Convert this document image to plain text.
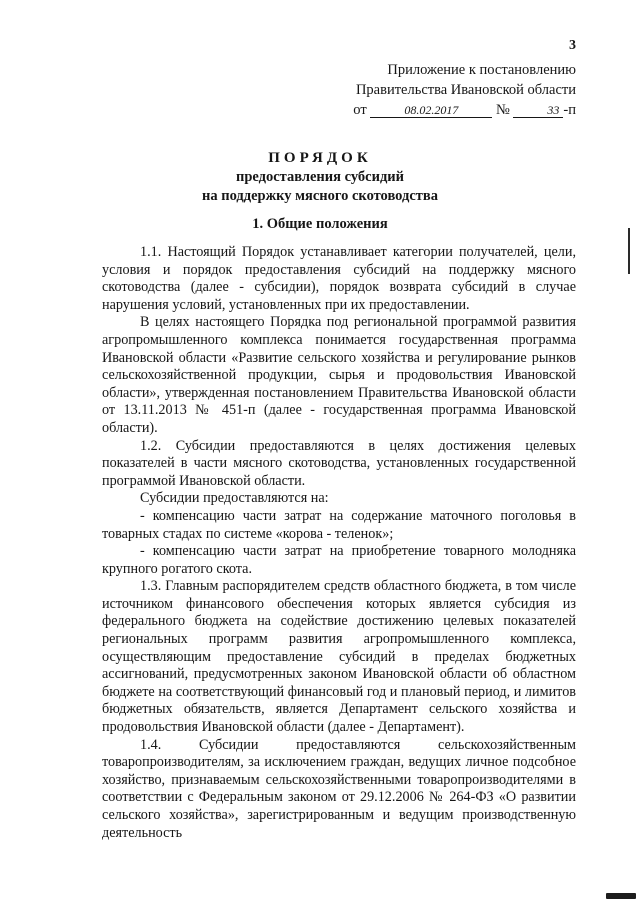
3
Приложение к постановлению
Правительства Ивановской области
от	08.02.2017	№	33 -п
ПОРЯДОК
предоставления субсидий
на поддержку мясного скотоводства
1. Общие положения

1.1. Настоящий Порядок устанавливает категории получателей, цели, условия и порядок предоставления субсидий на поддержку мясного скотоводства (далее - субсидии), порядок возврата субсидий в случае нарушения условий, установленных при их предоставлении.

В целях настоящего Порядка под региональной программой развития агропромышленного комплекса понимается государственная программа Ивановской области «Развитие сельского хозяйства и регулирование рынков сельскохозяйственной продукции, сырья и продовольствия Ивановской области», утвержденная постановлением Правительства Ивановской области от 13.11.2013 № 451-п (далее - государственная программа Ивановской области).

1.2. Субсидии предоставляются в целях достижения целевых показателей в части мясного скотоводства, установленных государственной программой Ивановской области.

Субсидии предоставляются на:

- компенсацию части затрат на содержание маточного поголовья в товарных стадах по системе «корова - теленок»;

- компенсацию части затрат на приобретение товарного молодняка крупного рогатого скота.

1.3. Главным распорядителем средств областного бюджета, в том числе источником финансового обеспечения которых является субсидия из федерального бюджета на содействие достижению целевых показателей региональных программ развития агропромышленного комплекса, осуществляющим предоставление субсидий в пределах бюджетных ассигнований, предусмотренных законом Ивановской области об областном бюджете на соответствующий финансовый год и плановый период, и лимитов бюджетных обязательств, является Департамент сельского хозяйства и продовольствия Ивановской области (далее - Департамент).

1.4. Субсидии предоставляются сельскохозяйственным товаропроизводителям, за исключением граждан, ведущих личное подсобное хозяйство, признаваемым сельскохозяйственными товаропроизводителями в соответствии с Федеральным законом от 29.12.2006 № 264-ФЗ «О развитии сельского хозяйства», зарегистрированным и ведущим производственную деятельность
